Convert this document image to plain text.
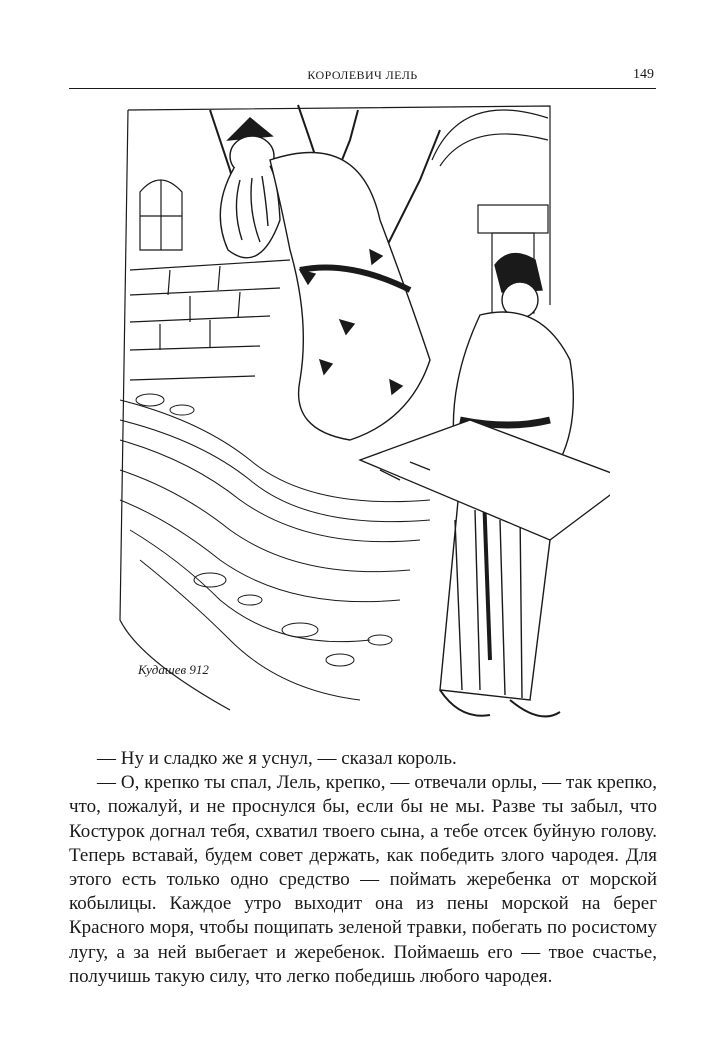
КОРОЛЕВИЧ ЛЕЛЬ	149
Кудашев 912

— Ну и сладко же я уснул, — сказал король.

— О, крепко ты спал, Лель, крепко, — отвечали орлы, — так крепко, что, пожалуй, и не проснулся бы, если бы не мы. Разве ты забыл, что Костурок догнал тебя, схватил твоего сына, а тебе отсек буйную голову. Теперь вставай, будем совет держать, как победить злого чародея. Для этого есть только одно средство — поймать жеребенка от морской кобылицы. Каждое утро выходит она из пены морской на берег Красного моря, чтобы пощипать зеленой травки, побегать по росистому лугу, а за ней выбегает и жеребенок. Поймаешь его — твое счастье, получишь такую силу, что легко победишь любого чародея.
